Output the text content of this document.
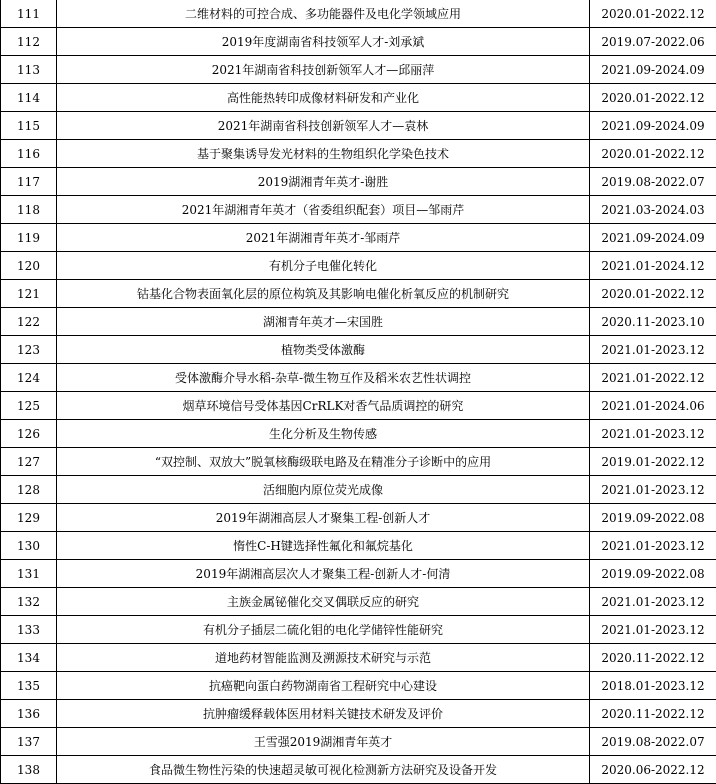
111	二维材料的可控合成、多功能器件及电化学领域应用	2020.01-2022.12
112	2019年度湖南省科技领军人才-刘承斌	2019.07-2022.06
113	2021年湖南省科技创新领军人才—邱丽萍	2021.09-2024.09
114	高性能热转印成像材料研发和产业化	2020.01-2022.12
115	2021年湖南省科技创新领军人才—袁林	2021.09-2024.09
116	基于聚集诱导发光材料的生物组织化学染色技术	2020.01-2022.12
117	2019湖湘青年英才-谢胜	2019.08-2022.07
118	2021年湖湘青年英才（省委组织配套）项目—邹雨芹	2021.03-2024.03
119	2021年湖湘青年英才-邹雨芹	2021.09-2024.09
120	有机分子电催化转化	2021.01-2024.12
121	钴基化合物表面氧化层的原位构筑及其影响电催化析氧反应的机制研究	2020.01-2022.12
122	湖湘青年英才—宋国胜	2020.11-2023.10
123	植物类受体激酶	2021.01-2023.12
124	受体激酶介导水稻-杂草-微生物互作及稻米农艺性状调控	2021.01-2022.12
125	烟草环境信号受体基因CrRLK对香气品质调控的研究	2021.01-2024.06
126	生化分析及生物传感	2021.01-2023.12
127	“双控制、双放大”脱氧核酶级联电路及在精准分子诊断中的应用	2019.01-2022.12
128	活细胞内原位荧光成像	2021.01-2023.12
129	2019年湖湘高层人才聚集工程-创新人才	2019.09-2022.08
130	惰性C-H键选择性氟化和氟烷基化	2021.01-2023.12
131	2019年湖湘高层次人才聚集工程-创新人才-何清	2019.09-2022.08
132	主族金属铋催化交叉偶联反应的研究	2021.01-2023.12
133	有机分子插层二硫化钼的电化学储锌性能研究	2021.01-2023.12
134	道地药材智能监测及溯源技术研究与示范	2020.11-2022.12
135	抗癌靶向蛋白药物湖南省工程研究中心建设	2018.01-2023.12
136	抗肿瘤缓释载体医用材料关键技术研发及评价	2020.11-2022.12
137	王雪强2019湖湘青年英才	2019.08-2022.07
138	食品微生物性污染的快速超灵敏可视化检测新方法研究及设备开发	2020.06-2022.12
